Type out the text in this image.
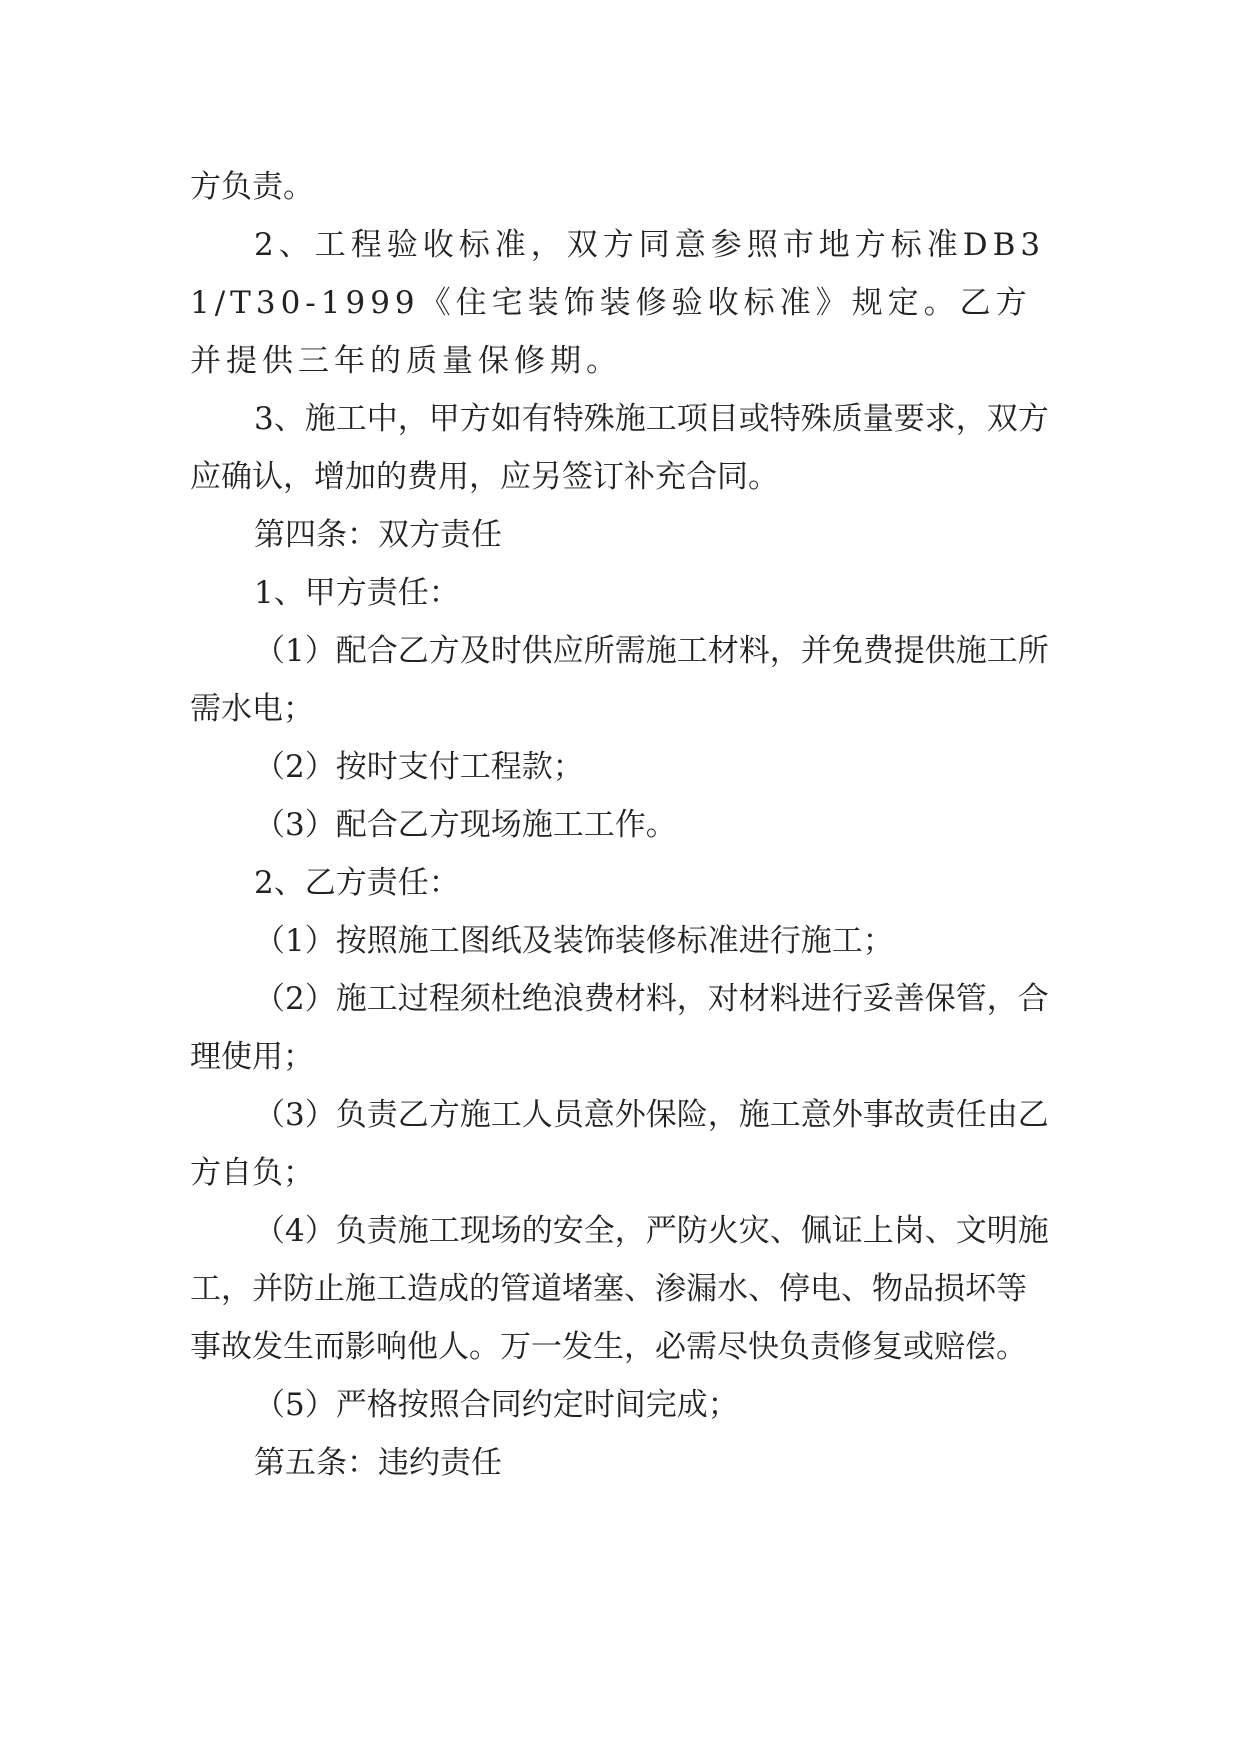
方负责。

2、工程验收标准，双方同意参照市地方标准DB31/T30-1999《住宅装饰装修验收标准》规定。乙方并提供三年的质量保修期。

3、施工中，甲方如有特殊施工项目或特殊质量要求，双方应确认，增加的费用，应另签订补充合同。

第四条：双方责任

1、甲方责任：

（1）配合乙方及时供应所需施工材料，并免费提供施工所需水电；

（2）按时支付工程款；

（3）配合乙方现场施工工作。

2、乙方责任：

（1）按照施工图纸及装饰装修标准进行施工；

（2）施工过程须杜绝浪费材料，对材料进行妥善保管，合理使用；

（3）负责乙方施工人员意外保险，施工意外事故责任由乙方自负；

（4）负责施工现场的安全，严防火灾、佩证上岗、文明施工，并防止施工造成的管道堵塞、渗漏水、停电、物品损坏等事故发生而影响他人。万一发生，必需尽快负责修复或赔偿。

（5）严格按照合同约定时间完成；

第五条：违约责任
